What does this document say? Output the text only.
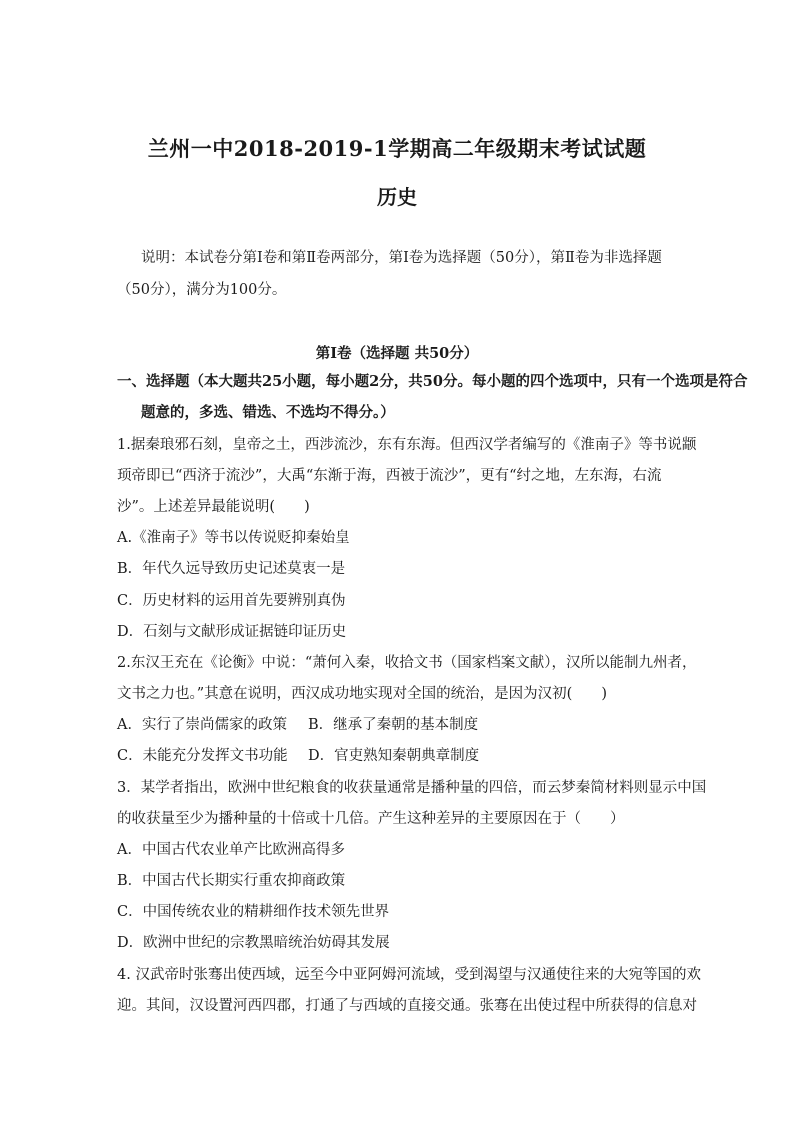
兰州一中2018-2019-1学期高二年级期末考试试题
历史

说明：本试卷分第Ⅰ卷和第Ⅱ卷两部分，第Ⅰ卷为选择题（50分），第Ⅱ卷为非选择题

（50分），满分为100分。

第Ⅰ卷（选择题 共50分）

一、选择题（本大题共25小题，每小题2分，共50分。每小题的四个选项中，只有一个选项是符合

题意的，多选、错选、不选均不得分。）

1.据秦琅邪石刻，皇帝之土，西涉流沙，东有东海。但西汉学者编写的《淮南子》等书说颛

顼帝即已“西济于流沙”，大禹“东渐于海，西被于流沙”，更有“纣之地，左东海，右流

沙”。上述差异最能说明(　　)

A.《淮南子》等书以传说贬抑秦始皇

B．年代久远导致历史记述莫衷一是

C．历史材料的运用首先要辨别真伪

D．石刻与文献形成证据链印证历史

2.东汉王充在《论衡》中说：“萧何入秦，收拾文书（国家档案文献），汉所以能制九州者，

文书之力也。”其意在说明，西汉成功地实现对全国的统治，是因为汉初(　　)

A．实行了崇尚儒家的政策 B．继承了秦朝的基本制度

C．未能充分发挥文书功能 D．官吏熟知秦朝典章制度

3．某学者指出，欧洲中世纪粮食的收获量通常是播种量的四倍，而云梦秦简材料则显示中国

的收获量至少为播种量的十倍或十几倍。产生这种差异的主要原因在于（　　）

A．中国古代农业单产比欧洲高得多

B．中国古代长期实行重农抑商政策

C．中国传统农业的精耕细作技术领先世界

D．欧洲中世纪的宗教黑暗统治妨碍其发展

4. 汉武帝时张骞出使西域，远至今中亚阿姆河流域，受到渴望与汉通使往来的大宛等国的欢

迎。其间，汉设置河西四郡，打通了与西域的直接交通。张骞在出使过程中所获得的信息对
